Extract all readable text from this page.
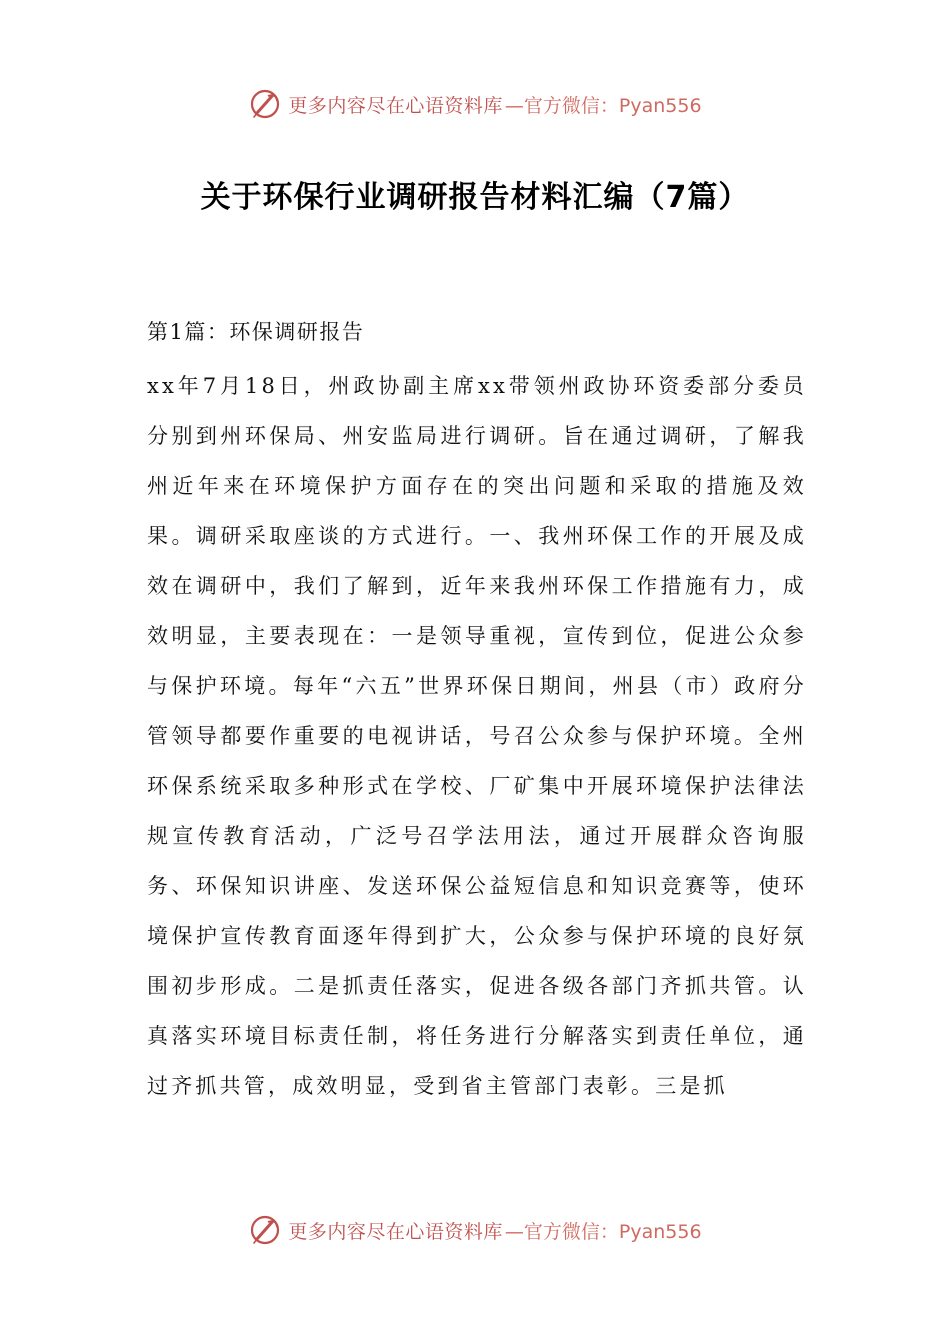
更多内容尽在心语资料库 —官方微信：Pyan556
关于环保行业调研报告材料汇编（7篇）
第1篇：环保调研报告
xx年7月18日，州政协副主席xx带领州政协环资委部分委员分别到州环保局、州安监局进行调研。旨在通过调研，了解我州近年来在环境保护方面存在的突出问题和采取的措施及效果。调研采取座谈的方式进行。一、我州环保工作的开展及成效在调研中，我们了解到，近年来我州环保工作措施有力，成效明显，主要表现在：一是领导重视，宣传到位，促进公众参与保护环境。每年“六五”世界环保日期间，州县（市）政府分管领导都要作重要的电视讲话，号召公众参与保护环境。全州环保系统采取多种形式在学校、厂矿集中开展环境保护法律法规宣传教育活动，广泛号召学法用法，通过开展群众咨询服务、环保知识讲座、发送环保公益短信息和知识竞赛等，使环境保护宣传教育面逐年得到扩大，公众参与保护环境的良好氛围初步形成。二是抓责任落实，促进各级各部门齐抓共管。认真落实环境目标责任制，将任务进行分解落实到责任单位，通过齐抓共管，成效明显，受到省主管部门表彰。三是抓
更多内容尽在心语资料库 —官方微信：Pyan556
